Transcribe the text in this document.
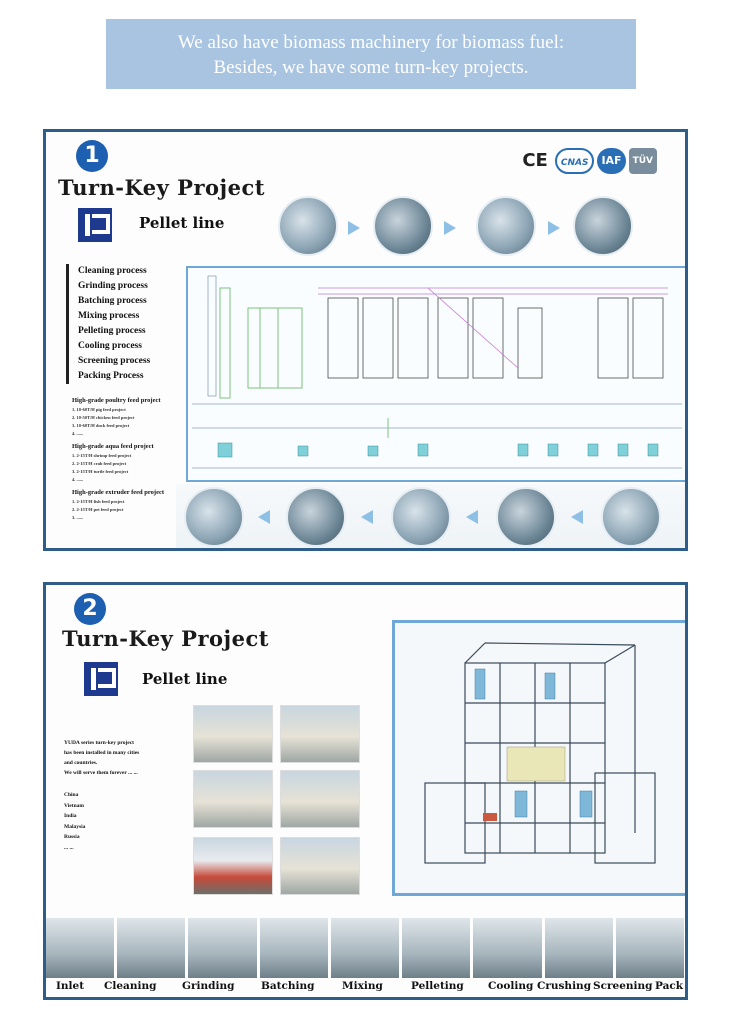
We also have biomass machinery for biomass fuel:
Besides, we have some turn-key projects.
1
Turn-Key Project
Pellet line
CE	CNAS	IAF	TÜV
Cleaning process
Grinding process
Batching process
Mixing process
Pelleting process
Cooling process
Screening process
Packing Process
High-grade poultry feed project
1. 10-60T/H pig feed project
2. 10-50T/H chicken feed project
3. 10-60T/H duck feed project
4. ......
High-grade aqua feed project
1. 2-15T/H shrimp feed project
2. 2-15T/H crab feed project
3. 2-15T/H turtle feed project
4. ......
High-grade extruder feed project
1. 2-15T/H fish feed project
2. 2-15T/H pet feed project
3. ......
2
Turn-Key Project
Pellet line
YUDA series turn-key project
has been installed in many cities
and countries.
We will serve them forever ... ...
China
Vietnam
India
Malaysia
Russia
... ...
Inlet Cleaning Grinding	Batching	Mixing	Pelleting Cooling Crushing Screening Pack
